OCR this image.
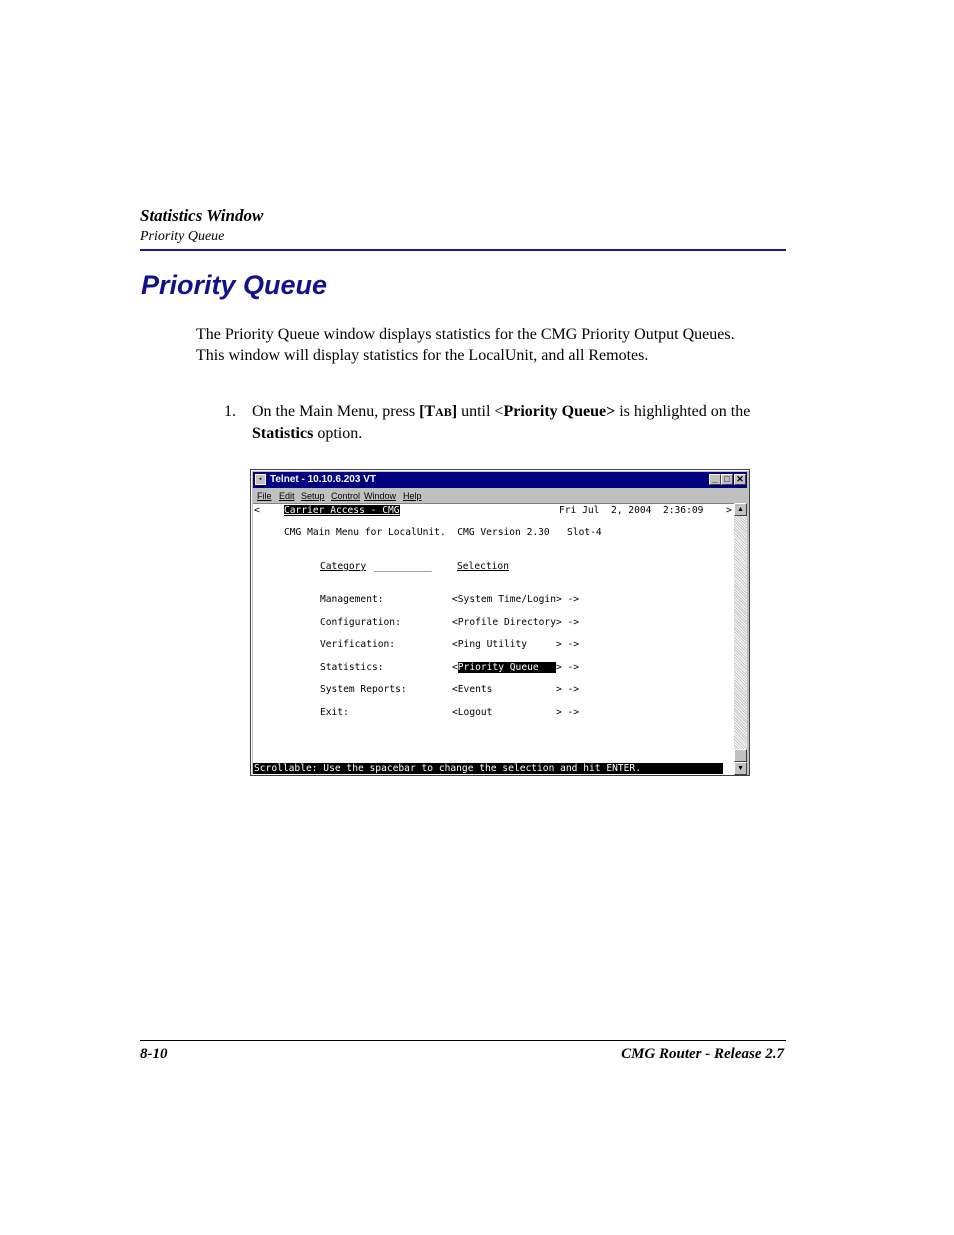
Statistics Window
Priority Queue
Priority Queue

The Priority Queue window displays statistics for the CMG Priority Output Queues.
This window will display statistics for the LocalUnit, and all Remotes.

1. On the Main Menu, press [TAB] until <Priority Queue> is highlighted on the Statistics option.
▪ Telnet - 10.10.6.203 VT	_ □ ✕
File Edit Setup Control Window Help
<	Carrier Access - CMG	Fri Jul  2, 2004  2:36:09 >
CMG Main Menu for LocalUnit.  CMG Version 2.30   Slot-4
Category __________	Selection
Management:	<System Time/Login> ->
Configuration:	<Profile Directory> ->
Verification:	<Ping Utility     > ->
Statistics:	<Priority Queue   > ->
System Reports:	<Events           > ->
Exit:	<Logout           > ->
Scrollable: Use the spacebar to change the selection and hit ENTER.
▲
▼
8-10	CMG Router - Release 2.7
